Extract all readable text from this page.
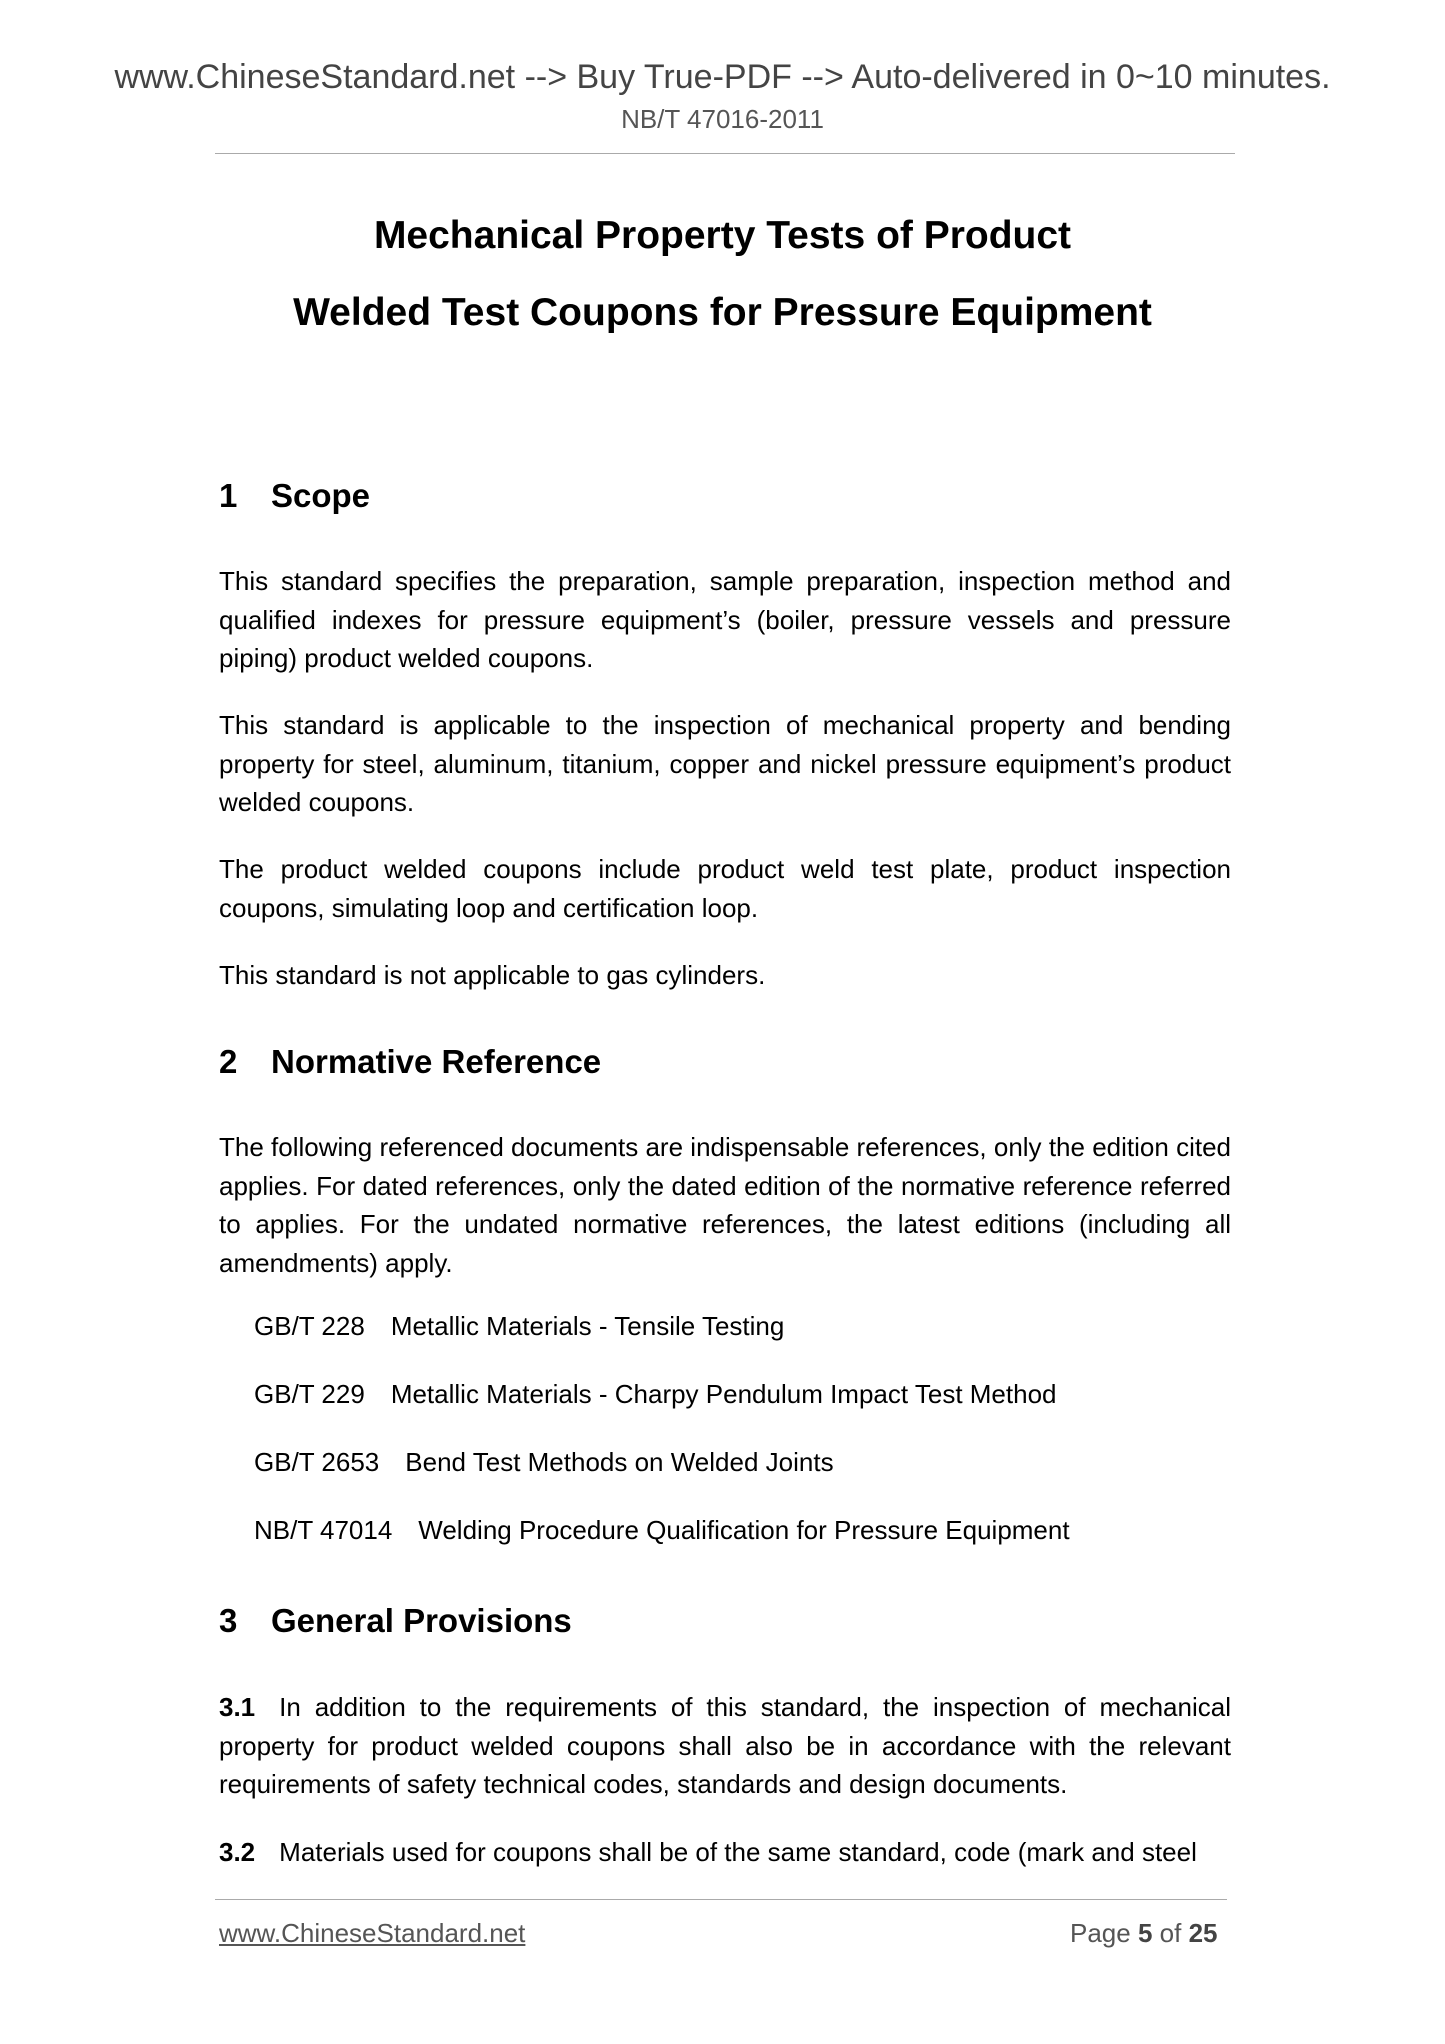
www.ChineseStandard.net --> Buy True-PDF --> Auto-delivered in 0~10 minutes.
NB/T 47016-2011
Mechanical Property Tests of Product
Welded Test Coupons for Pressure Equipment
1 Scope
This standard specifies the preparation, sample preparation, inspection method and qualified indexes for pressure equipment’s (boiler, pressure vessels and pressure piping) product welded coupons.
This standard is applicable to the inspection of mechanical property and bending property for steel, aluminum, titanium, copper and nickel pressure equipment’s product welded coupons.
The product welded coupons include product weld test plate, product inspection coupons, simulating loop and certification loop.
This standard is not applicable to gas cylinders.
2 Normative Reference
The following referenced documents are indispensable references, only the edition cited applies. For dated references, only the dated edition of the normative reference referred to applies. For the undated normative references, the latest editions (including all amendments) apply.
GB/T 228 Metallic Materials - Tensile Testing
GB/T 229 Metallic Materials - Charpy Pendulum Impact Test Method
GB/T 2653 Bend Test Methods on Welded Joints
NB/T 47014 Welding Procedure Qualification for Pressure Equipment
3 General Provisions
3.1 In addition to the requirements of this standard, the inspection of mechanical property for product welded coupons shall also be in accordance with the relevant requirements of safety technical codes, standards and design documents.
3.2 Materials used for coupons shall be of the same standard, code (mark and steel
www.ChineseStandard.net	Page 5 of 25
